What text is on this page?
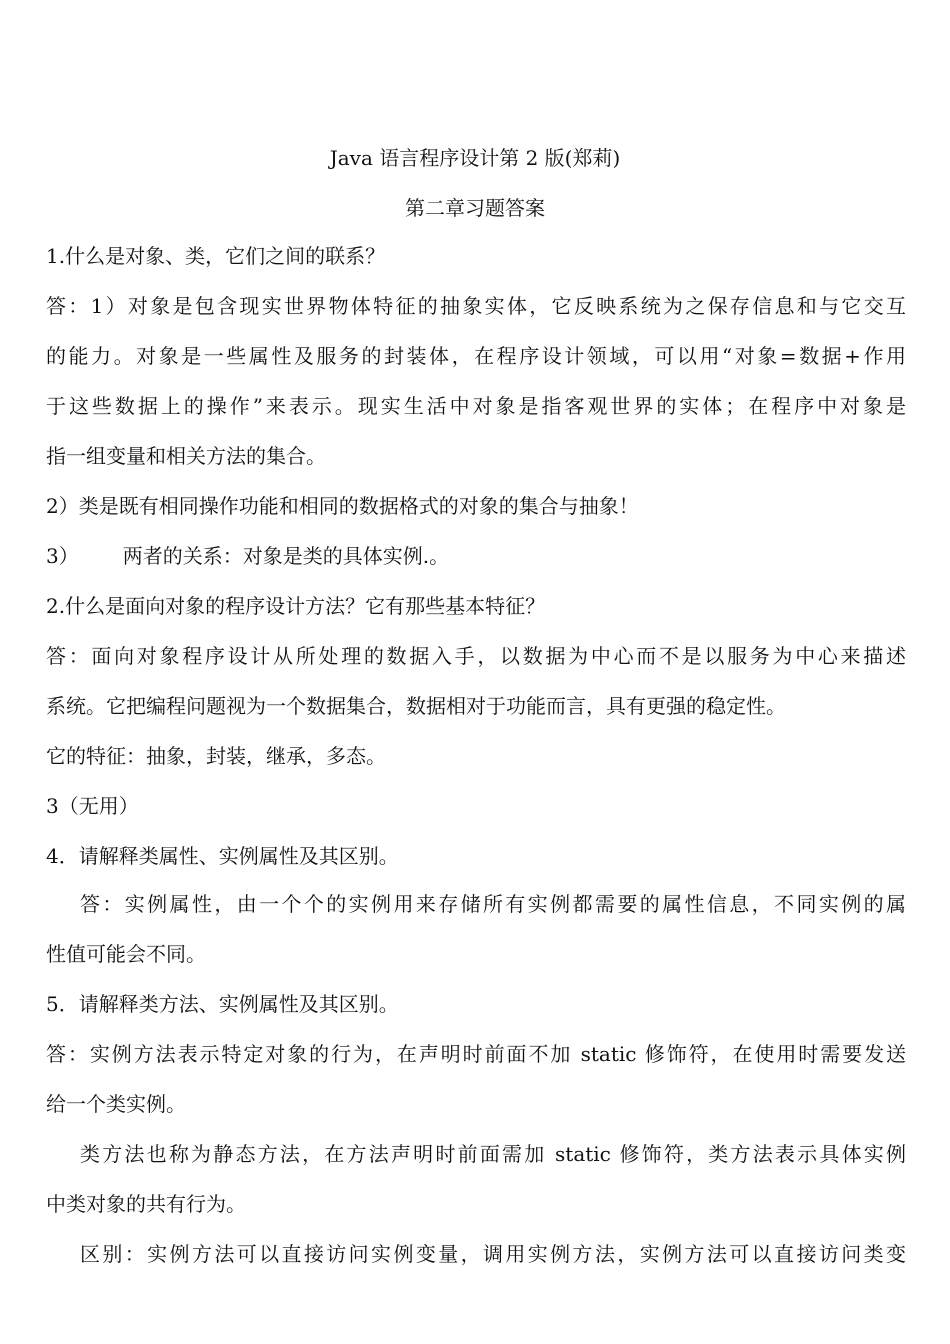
Java 语言程序设计第 2 版(郑莉)
第二章习题答案
1.什么是对象、类，它们之间的联系？
答：1）对象是包含现实世界物体特征的抽象实体，它反映系统为之保存信息和与它交互
的能力。对象是一些属性及服务的封装体，在程序设计领域，可以用“对象=数据+作用
于这些数据上的操作”来表示。现实生活中对象是指客观世界的实体；在程序中对象是
指一组变量和相关方法的集合。
2）类是既有相同操作功能和相同的数据格式的对象的集合与抽象！
3） 两者的关系：对象是类的具体实例.。
2.什么是面向对象的程序设计方法？它有那些基本特征？
答：面向对象程序设计从所处理的数据入手，以数据为中心而不是以服务为中心来描述
系统。它把编程问题视为一个数据集合，数据相对于功能而言，具有更强的稳定性。
它的特征：抽象，封装，继承，多态。
3（无用）
4．请解释类属性、实例属性及其区别。
答：实例属性，由一个个的实例用来存储所有实例都需要的属性信息，不同实例的属
性值可能会不同。
5．请解释类方法、实例属性及其区别。
答：实例方法表示特定对象的行为，在声明时前面不加 static 修饰符，在使用时需要发送
给一个类实例。
类方法也称为静态方法，在方法声明时前面需加 static 修饰符，类方法表示具体实例
中类对象的共有行为。
区别：实例方法可以直接访问实例变量，调用实例方法，实例方法可以直接访问类变
